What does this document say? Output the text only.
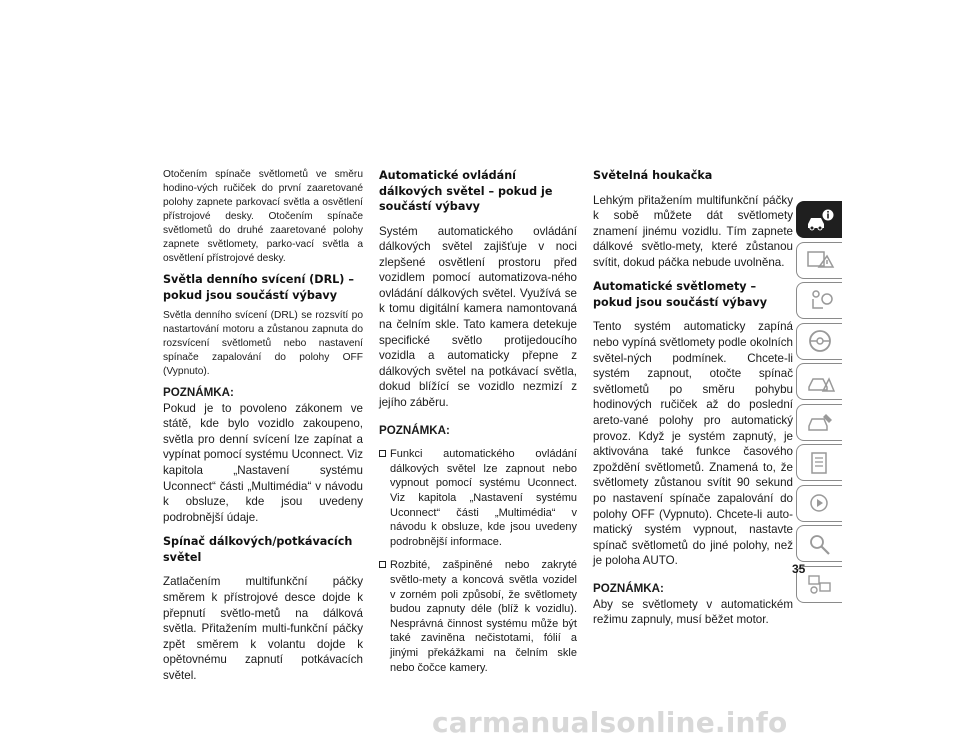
Otočením spínače světlometů ve směru hodino-vých ručiček do první zaaretované polohy zapnete parkovací světla a osvětlení přístrojové desky. Otočením spínače světlometů do druhé zaaretované polohy zapnete světlomety, parko-vací světla a osvětlení přístrojové desky.

Světla denního svícení (DRL) – pokud jsou součástí výbavy

Světla denního svícení (DRL) se rozsvítí po nastartování motoru a zůstanou zapnuta do rozsvícení světlometů nebo nastavení spínače zapalování do polohy OFF (Vypnuto).

POZNÁMKA:

Pokud je to povoleno zákonem ve státě, kde bylo vozidlo zakoupeno, světla pro denní svícení lze zapínat a vypínat pomocí systému Uconnect. Viz kapitola „Nastavení systému Uconnect“ části „Multimédia“ v návodu k obsluze, kde jsou uvedeny podrobnější údaje.

Spínač dálkových/potkávacích světel

Zatlačením multifunkční páčky směrem k přístrojové desce dojde k přepnutí světlo-metů na dálková světla. Přitažením multi-funkční páčky zpět směrem k volantu dojde k opětovnému zapnutí potkávacích světel.

Automatické ovládání dálkových světel – pokud je součástí výbavy

Systém automatického ovládání dálkových světel zajišťuje v noci zlepšené osvětlení prostoru před vozidlem pomocí automatizova-ného ovládání dálkových světel. Využívá se k tomu digitální kamera namontovaná na čelním skle. Tato kamera detekuje specifické světlo protijedoucího vozidla a automaticky přepne z dálkových světel na potkávací světla, dokud blížící se vozidlo nezmizí z jejího záběru.

POZNÁMKA:
Funkci automatického ovládání dálkových světel lze zapnout nebo vypnout pomocí systému Uconnect. Viz kapitola „Nastavení systému Uconnect“ části „Multimédia“ v návodu k obsluze, kde jsou uvedeny podrobnější informace.
Rozbité, zašpiněné nebo zakryté světlo-mety a koncová světla vozidel v zorném poli způsobí, že světlomety budou zapnuty déle (blíž k vozidlu). Nesprávná činnost systému může být také zaviněna nečistotami, fólií a jinými překážkami na čelním skle nebo čočce kamery.
Světelná houkačka

Lehkým přitažením multifunkční páčky k sobě můžete dát světlomety znamení jinému vozidlu. Tím zapnete dálkové světlo-mety, které zůstanou svítit, dokud páčka nebude uvolněna.

Automatické světlomety – pokud jsou součástí výbavy

Tento systém automaticky zapíná nebo vypíná světlomety podle okolních světel-ných podmínek. Chcete-li systém zapnout, otočte spínač světlometů po směru pohybu hodinových ručiček až do poslední areto-vané polohy pro automatický provoz. Když je systém zapnutý, je aktivována také funkce časového zpoždění světlometů. Znamená to, že světlomety zůstanou svítit 90 sekund po nastavení spínače zapalování do polohy OFF (Vypnuto). Chcete-li auto-matický systém vypnout, nastavte spínač světlometů do jiné polohy, než je poloha AUTO.

POZNÁMKA:

Aby se světlomety v automatickém režimu zapnuly, musí běžet motor.

35
carmanualsonline.info
